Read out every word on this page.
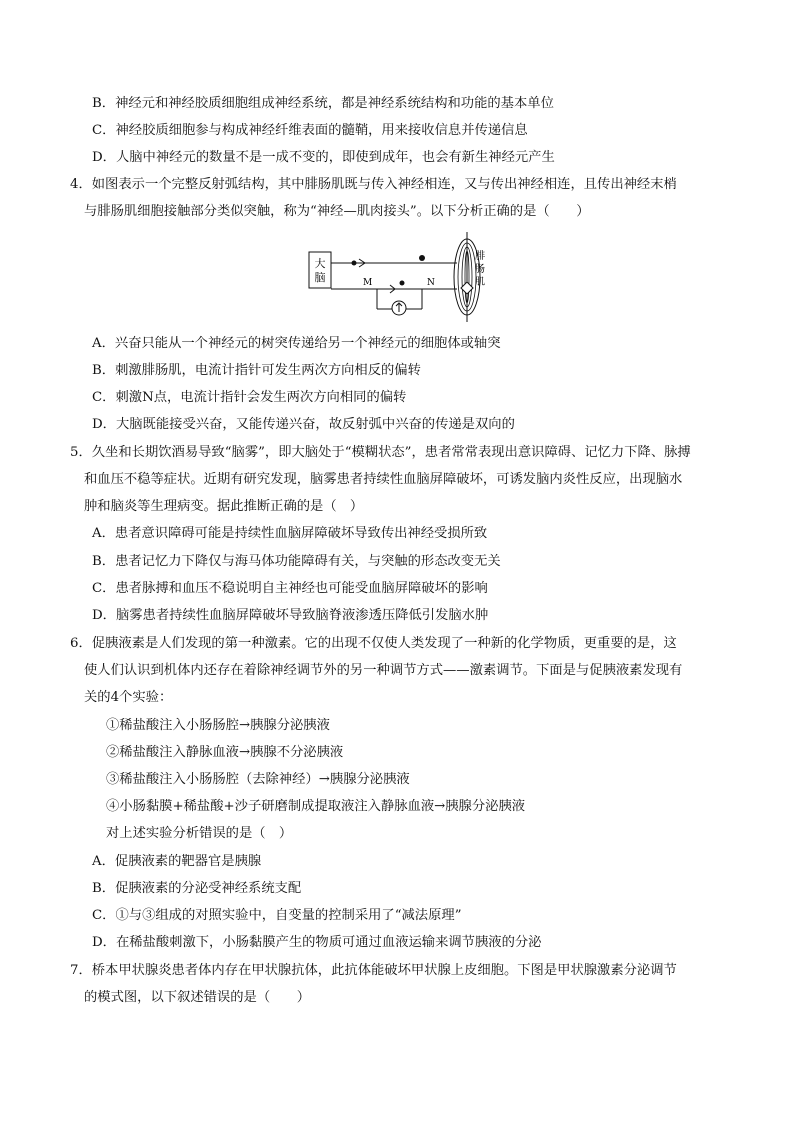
B．神经元和神经胶质细胞组成神经系统，都是神经系统结构和功能的基本单位
C．神经胶质细胞参与构成神经纤维表面的髓鞘，用来接收信息并传递信息
D．人脑中神经元的数量不是一成不变的，即使到成年，也会有新生神经元产生
4．如图表示一个完整反射弧结构，其中腓肠肌既与传入神经相连，又与传出神经相连，且传出神经末梢
与腓肠肌细胞接触部分类似突触，称为“神经—肌肉接头”。以下分析正确的是（　　）
大
脑	M	N
腓
肠
肌
A．兴奋只能从一个神经元的树突传递给另一个神经元的细胞体或轴突
B．刺激腓肠肌，电流计指针可发生两次方向相反的偏转
C．刺激N点，电流计指针会发生两次方向相同的偏转
D．大脑既能接受兴奋，又能传递兴奋，故反射弧中兴奋的传递是双向的
5．久坐和长期饮酒易导致“脑雾”，即大脑处于“模糊状态”，患者常常表现出意识障碍、记忆力下降、脉搏
和血压不稳等症状。近期有研究发现，脑雾患者持续性血脑屏障破坏，可诱发脑内炎性反应，出现脑水
肿和脑炎等生理病变。据此推断正确的是（　）
A．患者意识障碍可能是持续性血脑屏障破坏导致传出神经受损所致
B．患者记忆力下降仅与海马体功能障碍有关，与突触的形态改变无关
C．患者脉搏和血压不稳说明自主神经也可能受血脑屏障破坏的影响
D．脑雾患者持续性血脑屏障破坏导致脑脊液渗透压降低引发脑水肿
6．促胰液素是人们发现的第一种激素。它的出现不仅使人类发现了一种新的化学物质，更重要的是，这
使人们认识到机体内还存在着除神经调节外的另一种调节方式——激素调节。下面是与促胰液素发现有
关的4个实验：
①稀盐酸注入小肠肠腔→胰腺分泌胰液
②稀盐酸注入静脉血液→胰腺不分泌胰液
③稀盐酸注入小肠肠腔（去除神经）→胰腺分泌胰液
④小肠黏膜+稀盐酸+沙子研磨制成提取液注入静脉血液→胰腺分泌胰液
对上述实验分析错误的是（　）
A．促胰液素的靶器官是胰腺
B．促胰液素的分泌受神经系统支配
C．①与③组成的对照实验中，自变量的控制采用了“减法原理”
D．在稀盐酸刺激下，小肠黏膜产生的物质可通过血液运输来调节胰液的分泌
7．桥本甲状腺炎患者体内存在甲状腺抗体，此抗体能破坏甲状腺上皮细胞。下图是甲状腺激素分泌调节
的模式图，以下叙述错误的是（　　）
